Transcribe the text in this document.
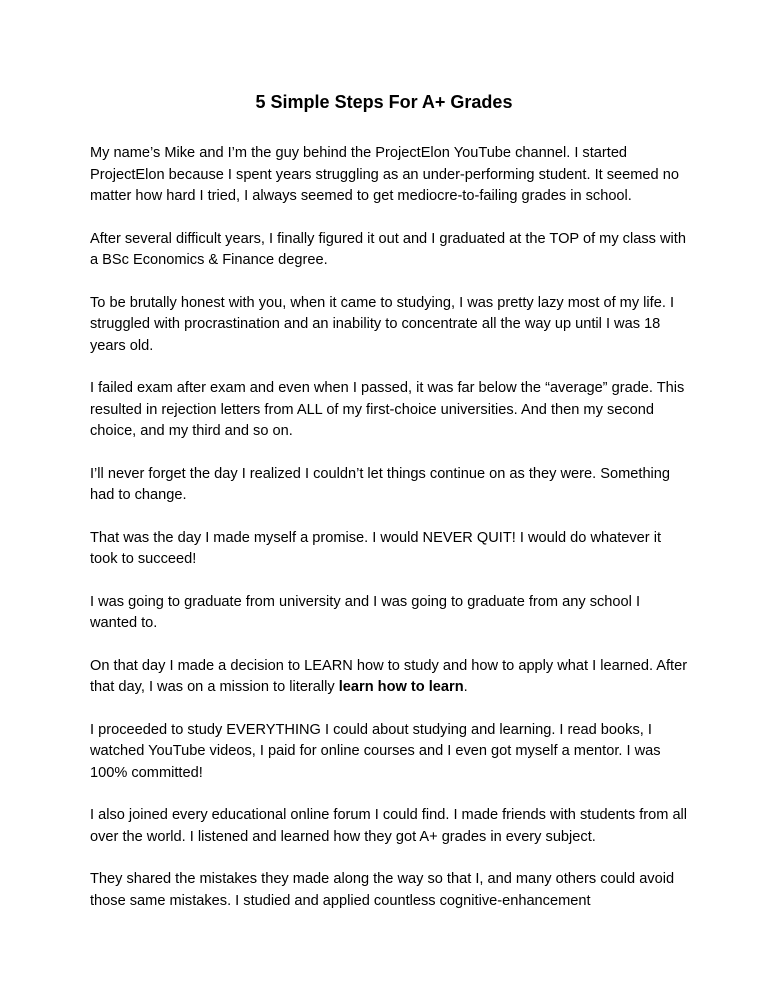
5 Simple Steps For A+ Grades

My name’s Mike and I’m the guy behind the ProjectElon YouTube channel. I started ProjectElon because I spent years struggling as an under-performing student. It seemed no matter how hard I tried, I always seemed to get mediocre-to-failing grades in school.

After several difficult years, I finally figured it out and I graduated at the TOP of my class with a BSc Economics & Finance degree.

To be brutally honest with you, when it came to studying, I was pretty lazy most of my life. I struggled with procrastination and an inability to concentrate all the way up until I was 18 years old.

I failed exam after exam and even when I passed, it was far below the “average” grade. This resulted in rejection letters from ALL of my first-choice universities. And then my second choice, and my third and so on.

I’ll never forget the day I realized I couldn’t let things continue on as they were. Something had to change.

That was the day I made myself a promise. I would NEVER QUIT! I would do whatever it took to succeed!

I was going to graduate from university and I was going to graduate from any school I wanted to.

On that day I made a decision to LEARN how to study and how to apply what I learned. After that day, I was on a mission to literally learn how to learn.

I proceeded to study EVERYTHING I could about studying and learning. I read books, I watched YouTube videos, I paid for online courses and I even got myself a mentor. I was 100% committed!

I also joined every educational online forum I could find. I made friends with students from all over the world. I listened and learned how they got A+ grades in every subject.

They shared the mistakes they made along the way so that I, and many others could avoid those same mistakes. I studied and applied countless cognitive-enhancement
